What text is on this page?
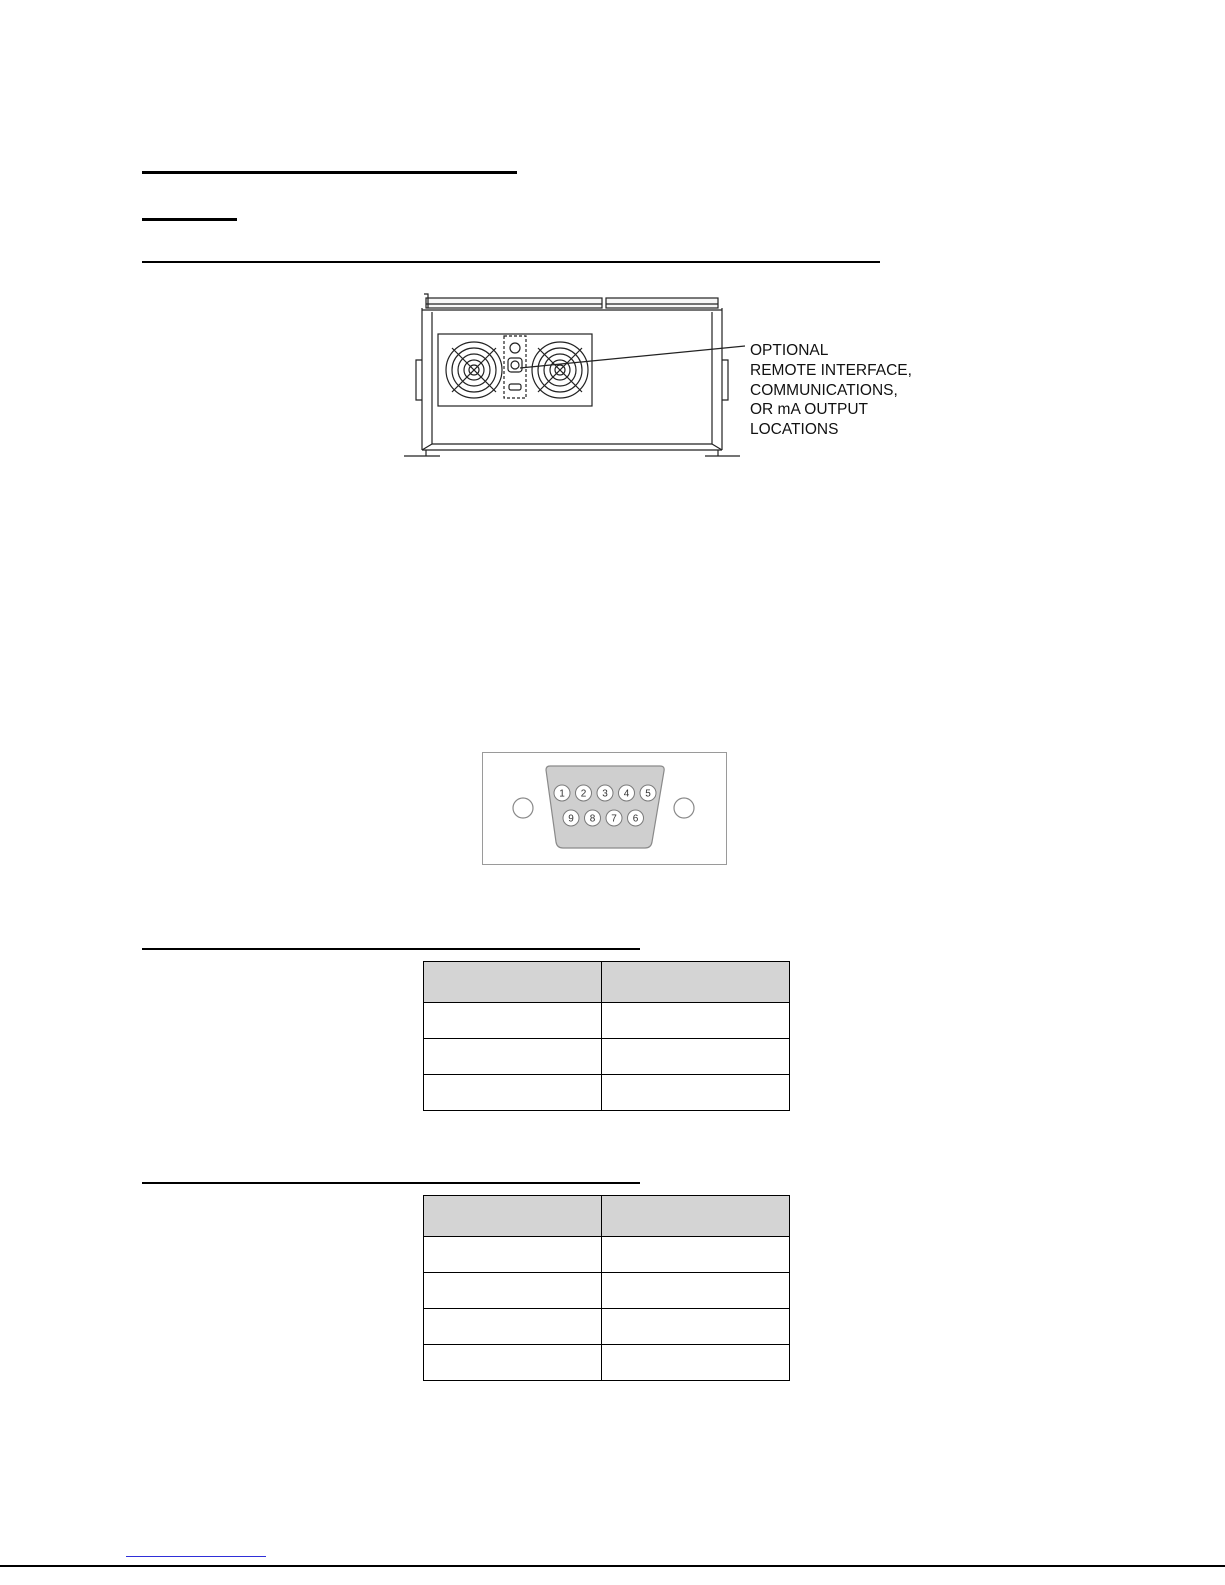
OPTIONAL
REMOTE INTERFACE,
COMMUNICATIONS,
OR mA OUTPUT
LOCATIONS
1 2 3 4 5
9 8 7 6
